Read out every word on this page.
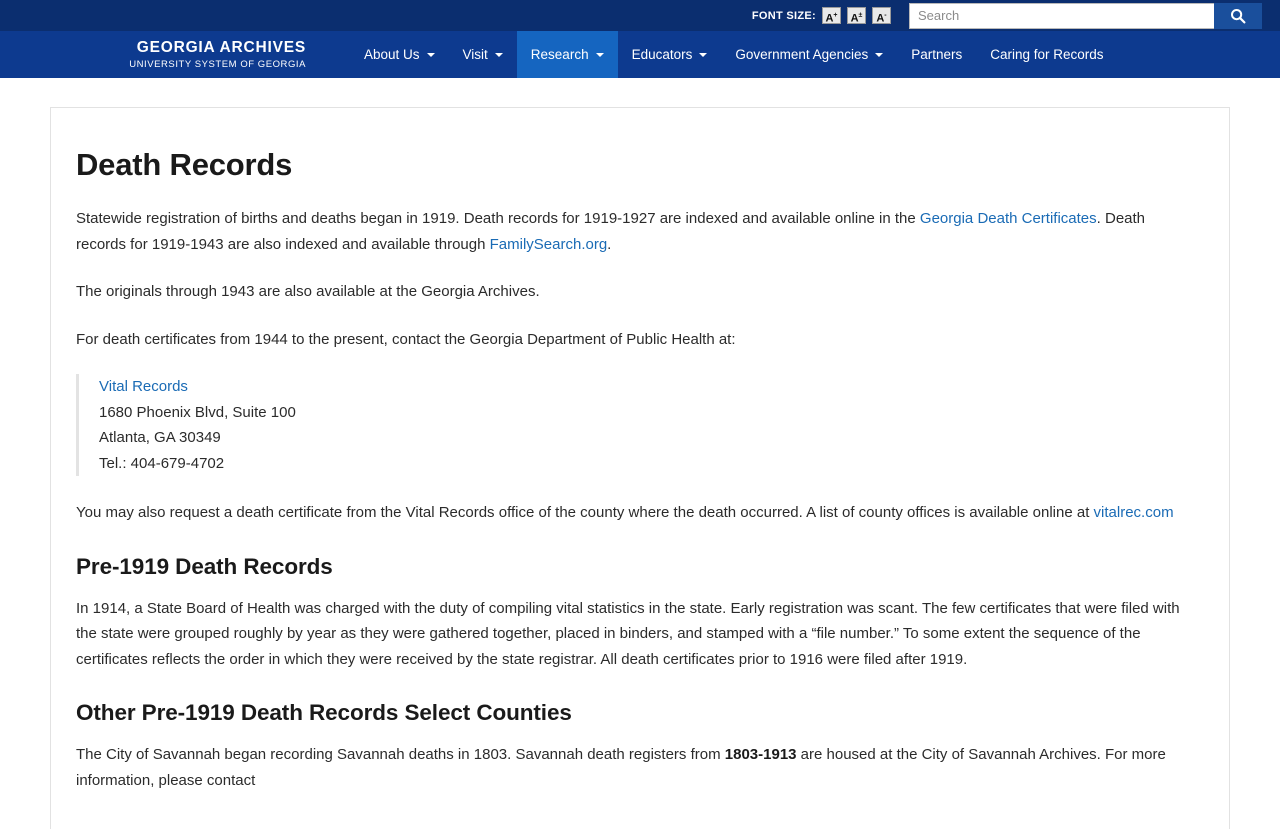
FONT SIZE: A+	A±	A-
Search
GEORGIA ARCHIVES
UNIVERSITY SYSTEM OF GEORGIA
About Us	Visit	Research	Educators	Government Agencies	Partners Caring for Records
Death Records

Statewide registration of births and deaths began in 1919. Death records for 1919-1927 are indexed and available online in the Georgia Death Certificates. Death records for 1919-1943 are also indexed and available through FamilySearch.org.

The originals through 1943 are also available at the Georgia Archives.

For death certificates from 1944 to the present, contact the Georgia Department of Public Health at:

Vital Records
1680 Phoenix Blvd, Suite 100
Atlanta, GA 30349
Tel.: 404-679-4702

You may also request a death certificate from the Vital Records office of the county where the death occurred. A list of county offices is available online at vitalrec.com

Pre-1919 Death Records

In 1914, a State Board of Health was charged with the duty of compiling vital statistics in the state. Early registration was scant. The few certificates that were filed with the state were grouped roughly by year as they were gathered together, placed in binders, and stamped with a “file number.” To some extent the sequence of the certificates reflects the order in which they were received by the state registrar. All death certificates prior to 1916 were filed after 1919.

Other Pre-1919 Death Records Select Counties

The City of Savannah began recording Savannah deaths in 1803. Savannah death registers from 1803-1913 are housed at the City of Savannah Archives. For more information, please contact
